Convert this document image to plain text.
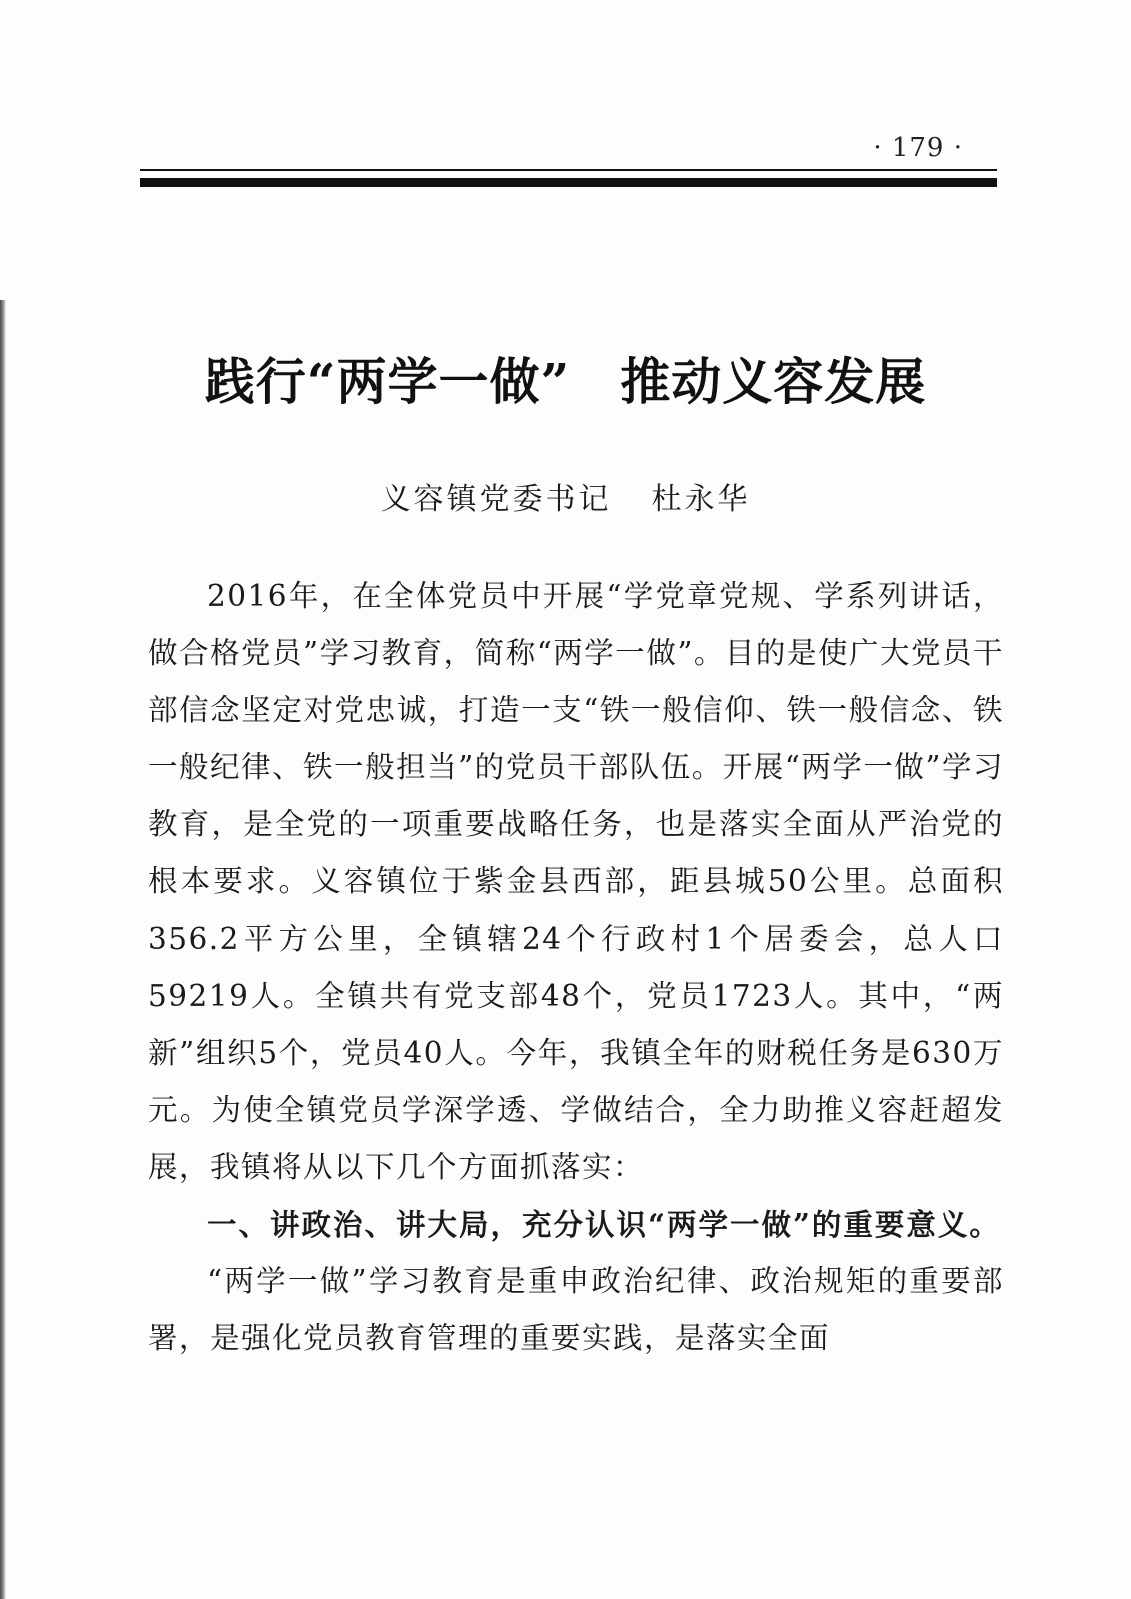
· 179 ·
践行“两学一做” 推动义容发展
义容镇党委书记 杜永华

2016年，在全体党员中开展“学党章党规、学系列讲话，做合格党员”学习教育，简称“两学一做”。目的是使广大党员干部信念坚定对党忠诚，打造一支“铁一般信仰、铁一般信念、铁一般纪律、铁一般担当”的党员干部队伍。开展“两学一做”学习教育，是全党的一项重要战略任务，也是落实全面从严治党的根本要求。义容镇位于紫金县西部，距县城50公里。总面积356.2平方公里，全镇辖24个行政村1个居委会，总人口59219人。全镇共有党支部48个，党员1723人。其中，“两新”组织5个，党员40人。今年，我镇全年的财税任务是630万元。为使全镇党员学深学透、学做结合，全力助推义容赶超发展，我镇将从以下几个方面抓落实：

一、讲政治、讲大局，充分认识“两学一做”的重要意义。

“两学一做”学习教育是重申政治纪律、政治规矩的重要部署，是强化党员教育管理的重要实践，是落实全面
